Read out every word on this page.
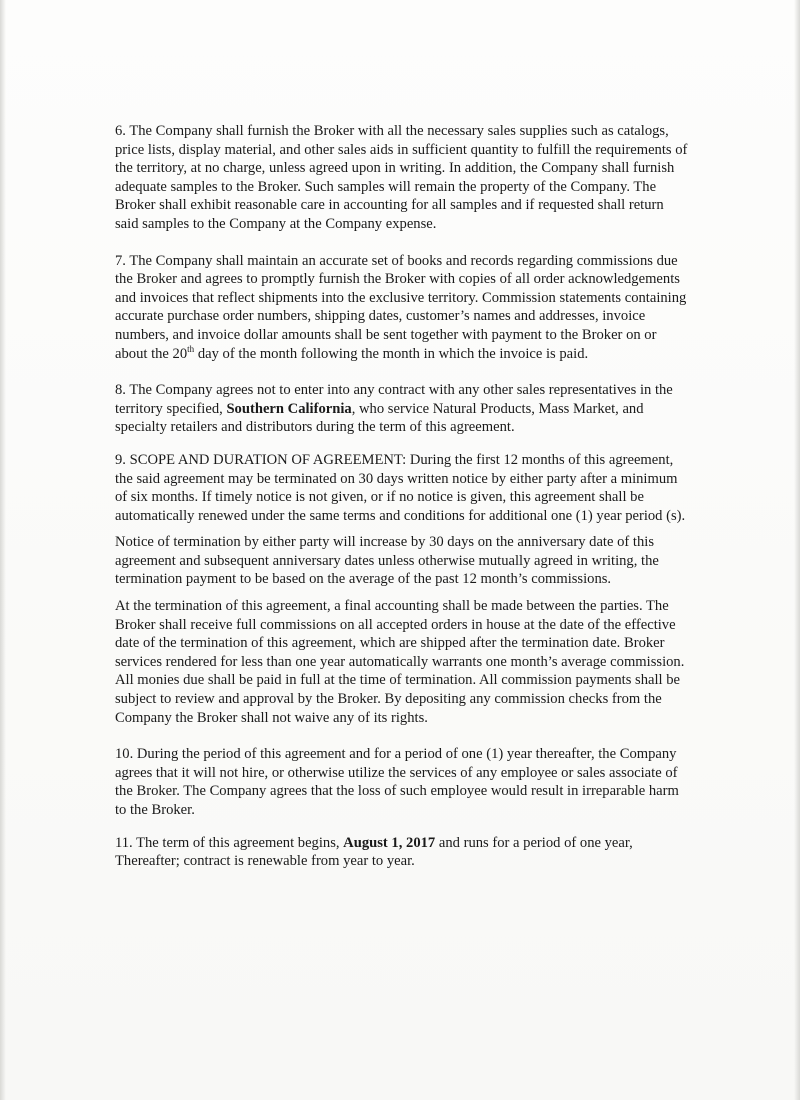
6. The Company shall furnish the Broker with all the necessary sales supplies such as catalogs, price lists, display material, and other sales aids in sufficient quantity to fulfill the requirements of the territory, at no charge, unless agreed upon in writing. In addition, the Company shall furnish adequate samples to the Broker. Such samples will remain the property of the Company. The Broker shall exhibit reasonable care in accounting for all samples and if requested shall return said samples to the Company at the Company expense.

7. The Company shall maintain an accurate set of books and records regarding commissions due the Broker and agrees to promptly furnish the Broker with copies of all order acknowledgements and invoices that reflect shipments into the exclusive territory. Commission statements containing accurate purchase order numbers, shipping dates, customer’s names and addresses, invoice numbers, and invoice dollar amounts shall be sent together with payment to the Broker on or about the 20th day of the month following the month in which the invoice is paid.

8. The Company agrees not to enter into any contract with any other sales representatives in the territory specified, Southern California, who service Natural Products, Mass Market, and specialty retailers and distributors during the term of this agreement.

9. SCOPE AND DURATION OF AGREEMENT: During the first 12 months of this agreement, the said agreement may be terminated on 30 days written notice by either party after a minimum of six months. If timely notice is not given, or if no notice is given, this agreement shall be automatically renewed under the same terms and conditions for additional one (1) year period (s).

Notice of termination by either party will increase by 30 days on the anniversary date of this agreement and subsequent anniversary dates unless otherwise mutually agreed in writing, the termination payment to be based on the average of the past 12 month’s commissions.

At the termination of this agreement, a final accounting shall be made between the parties. The Broker shall receive full commissions on all accepted orders in house at the date of the effective date of the termination of this agreement, which are shipped after the termination date. Broker services rendered for less than one year automatically warrants one month’s average commission. All monies due shall be paid in full at the time of termination. All commission payments shall be subject to review and approval by the Broker. By depositing any commission checks from the Company the Broker shall not waive any of its rights.

10. During the period of this agreement and for a period of one (1) year thereafter, the Company agrees that it will not hire, or otherwise utilize the services of any employee or sales associate of the Broker. The Company agrees that the loss of such employee would result in irreparable harm to the Broker.

11. The term of this agreement begins, August 1, 2017 and runs for a period of one year, Thereafter; contract is renewable from year to year.
